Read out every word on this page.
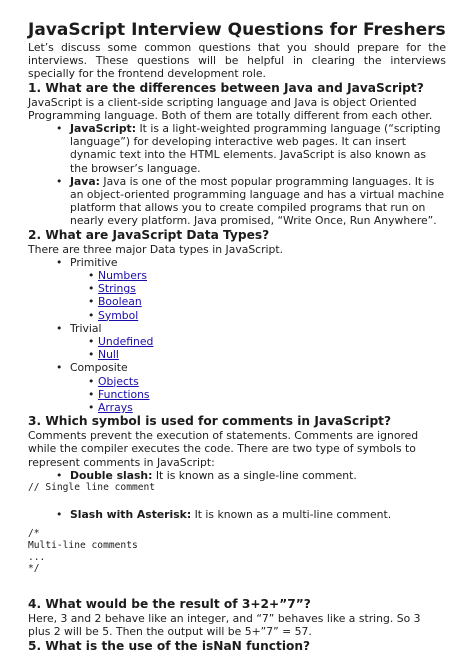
JavaScript Interview Questions for Freshers

Let’s discuss some common questions that you should prepare for the interviews. These questions will be helpful in clearing the interviews specially for the frontend development role.

1. What are the differences between Java and JavaScript?

JavaScript is a client-side scripting language and Java is object Oriented Programming language. Both of them are totally different from each other.

• JavaScript: It is a light-weighted programming language (“scripting language”) for developing interactive web pages. It can insert dynamic text into the HTML elements. JavaScript is also known as the browser’s language.
• Java: Java is one of the most popular programming languages. It is an object-oriented programming language and has a virtual machine platform that allows you to create compiled programs that run on nearly every platform. Java promised, “Write Once, Run Anywhere”.
2. What are JavaScript Data Types?

There are three major Data types in JavaScript.

• Primitive
• Numbers
• Strings
• Boolean
• Symbol
• Trivial
• Undefined
• Null
• Composite
• Objects
• Functions
• Arrays
3. Which symbol is used for comments in JavaScript?

Comments prevent the execution of statements. Comments are ignored while the compiler executes the code. There are two type of symbols to represent comments in JavaScript:

• Double slash: It is known as a single-line comment.
// Single line comment
• Slash with Asterisk: It is known as a multi-line comment.
/*
Multi-line comments
...
*/
4. What would be the result of 3+2+”7”?

Here, 3 and 2 behave like an integer, and “7” behaves like a string. So 3 plus 2 will be 5. Then the output will be 5+”7” = 57.

5. What is the use of the isNaN function?
